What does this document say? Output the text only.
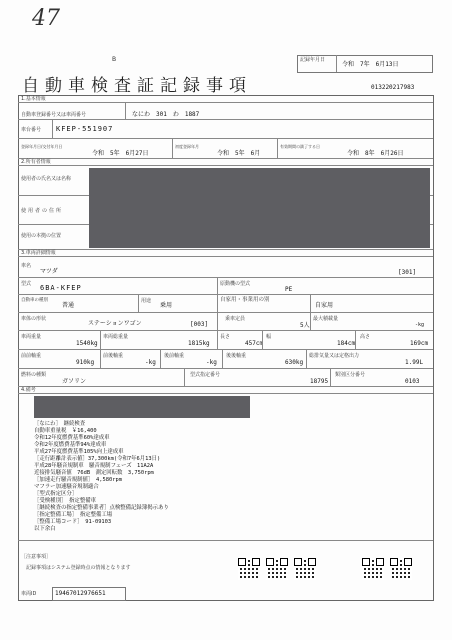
47
B	記録年月日
令和　7年　6月13日
自動車検査証記録事項	013220217983
1.基本情報
自動車登録番号又は車両番号	なにわ　301　わ　1887
車台番号 KFEP-551907
登録年月日/交付年月日
令和　5年　6月27日
初度登録年月
令和　5年　6月
有効期間の満了する日
令和　8年　6月26日
2.所有者情報
使用者の氏名又は名称
使用者の住所
使用の本拠の位置
3.車両詳細情報
車名
マツダ	[301]
型式 6BA-KFEP	原動機の型式
PE
自動車の種別
普通
用途
乗用
自家用・事業用の別
自家用
車体の形状
ステーションワゴン	[003]
乗車定員
5人
最大積載量
-kg
車両重量
1540kg
車両総重量
1815kg
長さ
457cm
幅
184cm
高さ
169cm
前前軸重
910kg
前後軸重
-kg
後前軸重
-kg
後後軸重
630kg
総排気量又は定格出力
1.99L
燃料の種類
ガソリン
型式指定番号
18795
類別区分番号
0103
4.備考
［なにわ］　継続検査
自動車重量税　￥16,400
令和12年度燃費基準60%達成車
令和2年度燃費基準94%達成車
平成27年度燃費基準105%向上達成車
［走行距離計表示値］37,300km(令和7年6月13日)
平成28年騒音規制車　騒音規制フェーズ　11A2A
近接排気騒音値　76dB　測定回転数　3,750rpm
［加速走行騒音規制値］　4,580rpm
マフラー加速騒音規制適合
［型式指定区分］
［受検種別］　指定整備車
［継続検査の指定整備事業者］点検整備記録簿掲示あり
［指定整備工場］　指定整備工場
［整備工場コード］　91-09103
以下余白
［注意事項］
記録事項はシステム登録時点の情報となります
車両ID	19467012976651
